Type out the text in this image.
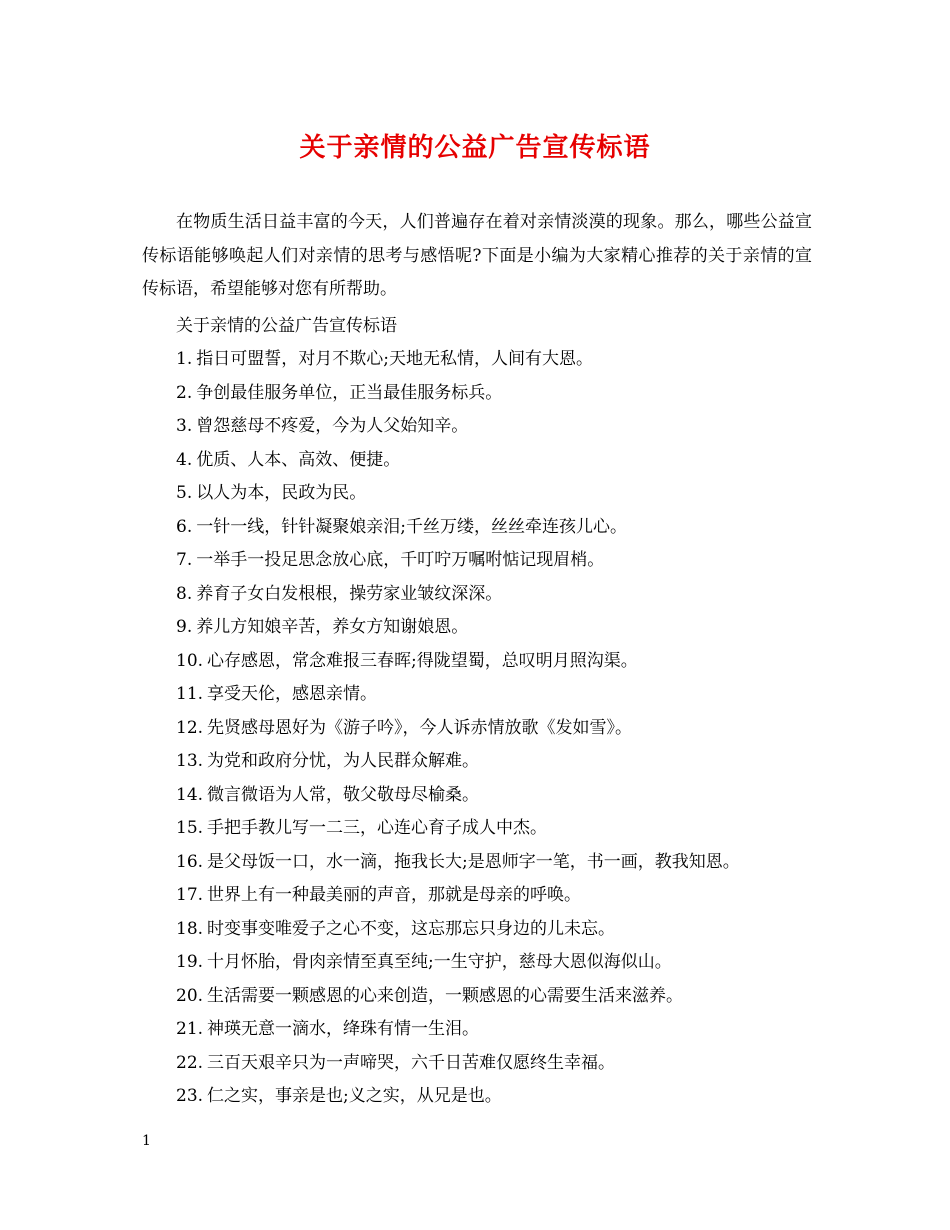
关于亲情的公益广告宣传标语

在物质生活日益丰富的今天，人们普遍存在着对亲情淡漠的现象。那么，哪些公益宣传标语能够唤起人们对亲情的思考与感悟呢?下面是小编为大家精心推荐的关于亲情的宣传标语，希望能够对您有所帮助。

关于亲情的公益广告宣传标语

1. 指日可盟誓，对月不欺心;天地无私情，人间有大恩。
2. 争创最佳服务单位，正当最佳服务标兵。
3. 曾怨慈母不疼爱，今为人父始知辛。
4. 优质、人本、高效、便捷。
5. 以人为本，民政为民。
6. 一针一线，针针凝聚娘亲泪;千丝万缕，丝丝牵连孩儿心。
7. 一举手一投足思念放心底，千叮咛万嘱咐惦记现眉梢。
8. 养育子女白发根根，操劳家业皱纹深深。
9. 养儿方知娘辛苦，养女方知谢娘恩。
10. 心存感恩，常念难报三春晖;得陇望蜀，总叹明月照沟渠。
11. 享受天伦，感恩亲情。
12. 先贤感母恩好为《游子吟》，今人诉赤情放歌《发如雪》。
13. 为党和政府分忧，为人民群众解难。
14. 微言微语为人常，敬父敬母尽榆桑。
15. 手把手教儿写一二三，心连心育子成人中杰。
16. 是父母饭一口，水一滴，拖我长大;是恩师字一笔，书一画，教我知恩。
17. 世界上有一种最美丽的声音，那就是母亲的呼唤。
18. 时变事变唯爱子之心不变，这忘那忘只身边的儿未忘。
19. 十月怀胎，骨肉亲情至真至纯;一生守护，慈母大恩似海似山。
20. 生活需要一颗感恩的心来创造，一颗感恩的心需要生活来滋养。
21. 神瑛无意一滴水，绛珠有情一生泪。
22. 三百天艰辛只为一声啼哭，六千日苦难仅愿终生幸福。
23. 仁之实，事亲是也;义之实，从兄是也。
1
